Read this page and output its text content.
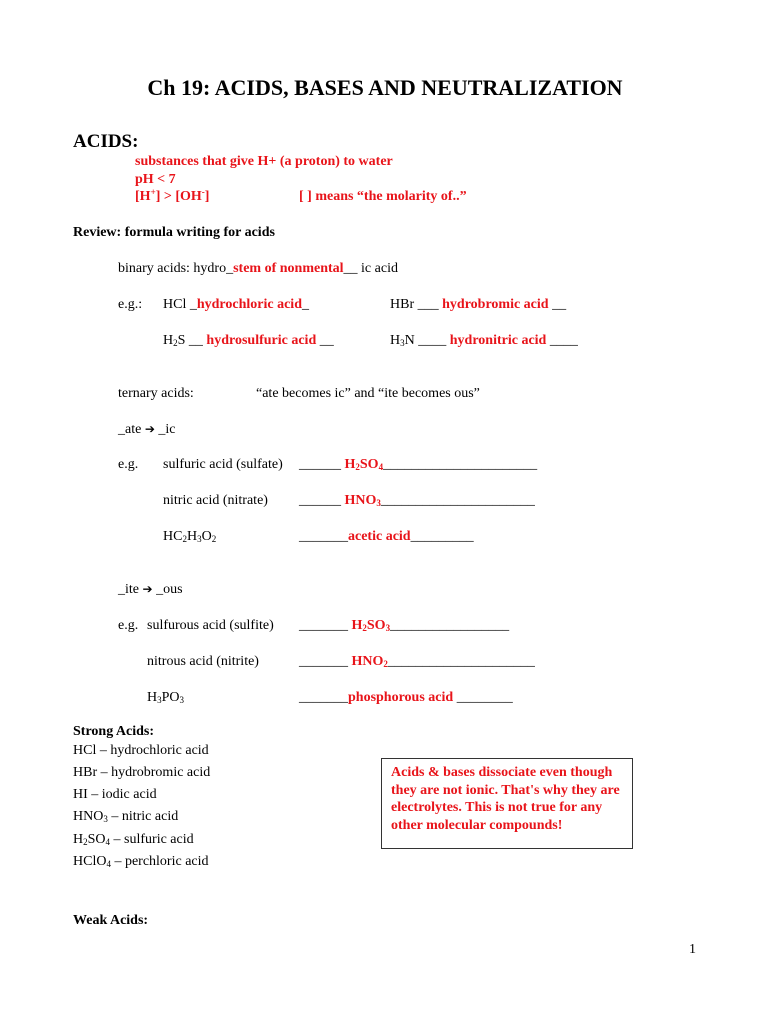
Ch 19: ACIDS, BASES AND NEUTRALIZATION
ACIDS:
substances that give H+ (a proton) to water
pH < 7
[H+] > [OH-]	[ ] means “the molarity of..”
Review: formula writing for acids
binary acids: hydro_stem of nonmental__ ic acid
e.g.: HCl _hydrochloric acid_	HBr ___ hydrobromic acid __
$H_2S$ __ hydrosulfuric acid __	$H_3N$ ____ hydronitric acid ____
ternary acids:	“ate becomes ic” and “ite becomes ous”
_ate ➔ _ic
e.g. sulfuric acid (sulfate) ______ $H_2SO_4\_\_\_\_\_\_\_\_\_\_\_\_\_\_\_\_\_\_\_\_\_\_$
nitric acid (nitrate) ______ $HNO_3\_\_\_\_\_\_\_\_\_\_\_\_\_\_\_\_\_\_\_\_\_\_$
$HC_2H_3O_2$	_______acetic acid_________
_ite ➔ _ous
e.g. sulfurous acid (sulfite) _______ $H_2SO_3\_\_\_\_\_\_\_\_\_\_\_\_\_\_\_\_\_$
nitrous acid (nitrite)	_______ $HNO_2\_\_\_\_\_\_\_\_\_\_\_\_\_\_\_\_\_\_\_\_\_$
$H_3PO_3$	_______phosphorous acid ________
Strong Acids:
HCl – hydrochloric acid
HBr – hydrobromic acid
HI – iodic acid
$HNO_3$ – nitric acid
$H_2SO_4$ – sulfuric acid
HClO$_4$ – perchloric acid
Acids & bases dissociate even though they are not ionic. That's why they are electrolytes. This is not true for any other molecular compounds!
Weak Acids:
1
